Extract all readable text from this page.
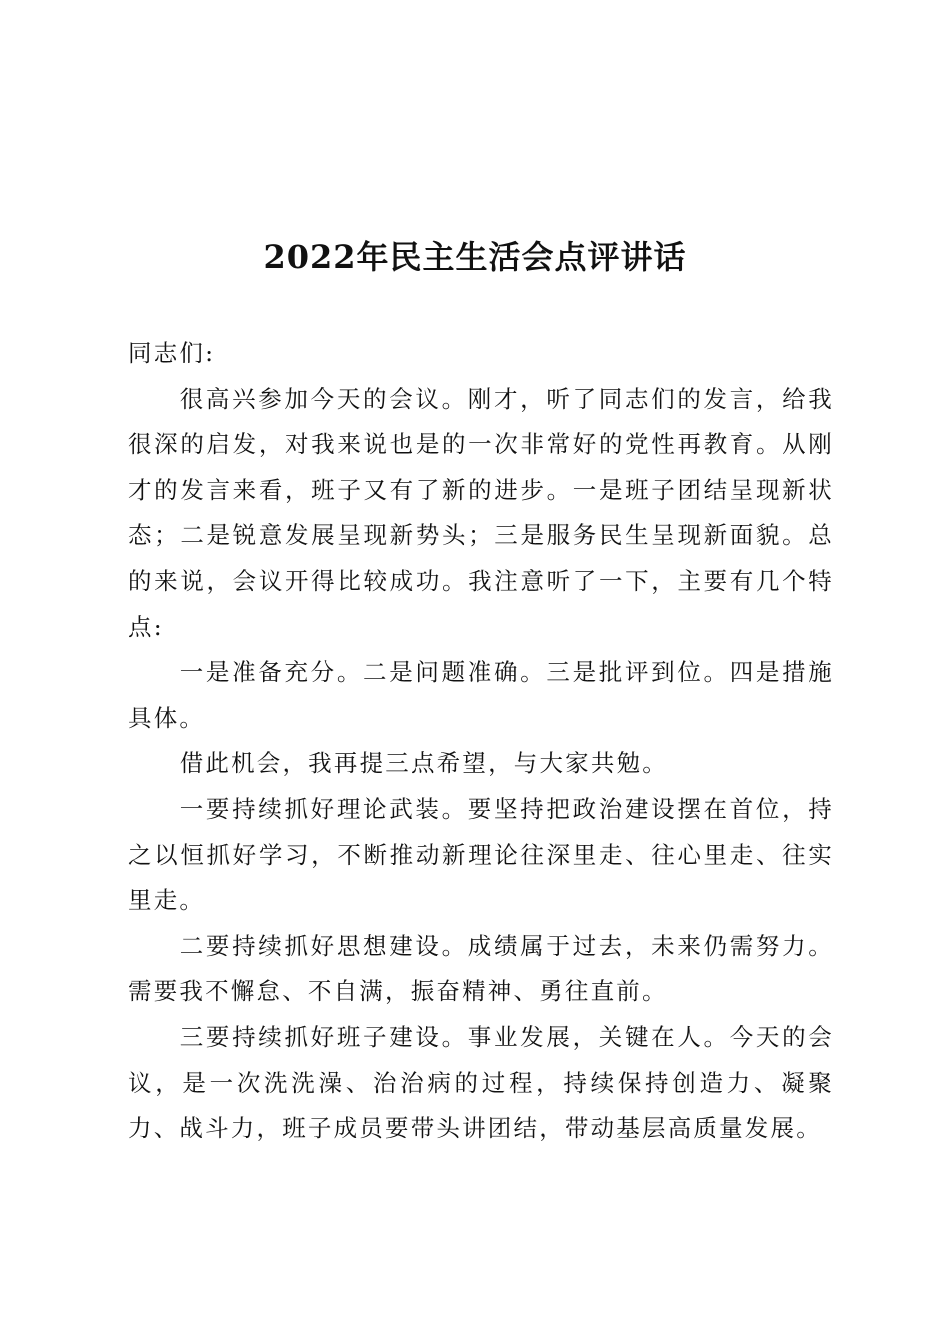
2022年民主生活会点评讲话

同志们:

很高兴参加今天的会议。刚才，听了同志们的发言，给我很深的启发，对我来说也是的一次非常好的党性再教育。从刚才的发言来看，班子又有了新的进步。一是班子团结呈现新状态；二是锐意发展呈现新势头；三是服务民生呈现新面貌。总的来说，会议开得比较成功。我注意听了一下，主要有几个特点:

一是准备充分。二是问题准确。三是批评到位。四是措施具体。

借此机会，我再提三点希望，与大家共勉。

一要持续抓好理论武装。要坚持把政治建设摆在首位，持之以恒抓好学习，不断推动新理论往深里走、往心里走、往实里走。

二要持续抓好思想建设。成绩属于过去，未来仍需努力。需要我不懈怠、不自满，振奋精神、勇往直前。

三要持续抓好班子建设。事业发展，关键在人。今天的会议，是一次洗洗澡、治治病的过程，持续保持创造力、凝聚力、战斗力，班子成员要带头讲团结，带动基层高质量发展。
